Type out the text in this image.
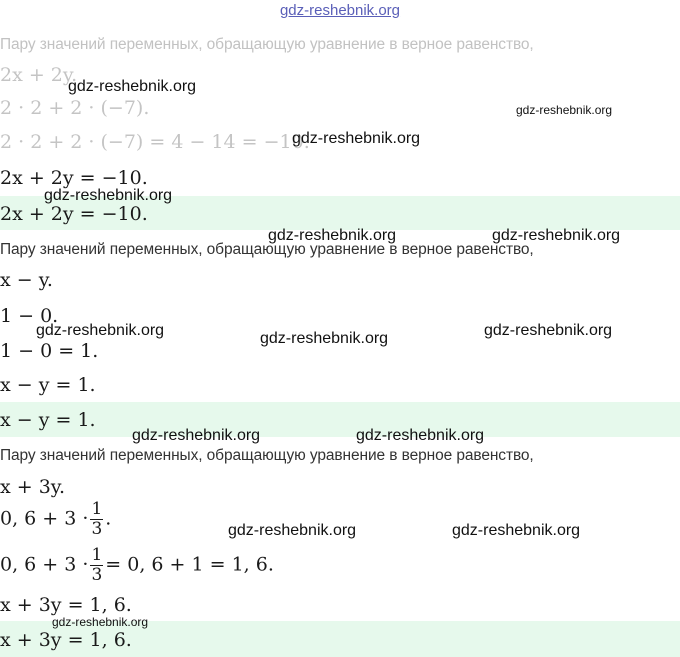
gdz-reshebnik.org
Пару значений переменных, обращающую уравнение в верное равенство,
2x + 2y.
2 · 2 + 2 · (−7).
2 · 2 + 2 · (−7) = 4 − 14 = −10.
2x + 2y = −10.
2x + 2y = −10.
Пару значений переменных, обращающую уравнение в верное равенство,
x − y.
1 − 0.
1 − 0 = 1.
x − y = 1.
x − y = 1.
Пару значений переменных, обращающую уравнение в верное равенство,
x + 3y.
0, $6 + 3 \cdot \frac{1}{3}$ .
0, $6 + 3 \cdot \frac{1}{3} = 0$, 6 + 1 = 1, 6.
x + 3y = 1, 6.
x + 3y = 1, 6.
gdz-reshebnik.org
gdz-reshebnik.org
gdz-reshebnik.org
gdz-reshebnik.org
gdz-reshebnik.org	gdz-reshebnik.org
gdz-reshebnik.org	gdz-reshebnik.org	gdz-reshebnik.org
gdz-reshebnik.org	gdz-reshebnik.org
gdz-reshebnik.org	gdz-reshebnik.org
gdz-reshebnik.org
